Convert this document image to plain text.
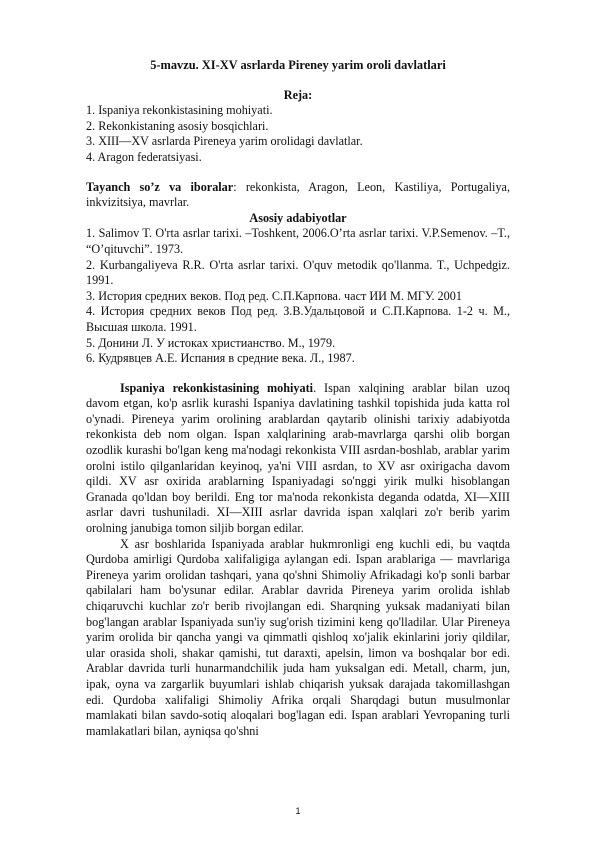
5-mavzu. XI-XV asrlarda Pireney yarim oroli davlatlari

Reja:

1. Ispaniya rekonkistasining mohiyati.
2. Rekonkistaning asosiy bosqichlari.
3. XIII—XV asrlarda Pireneya yarim orolidagi davlatlar.
4. Aragon federatsiyasi.

Tayanch so’z va iboralar: rekonkista, Aragon, Leon, Kastiliya, Portugaliya, inkvizitsiya, mavrlar.

Asosiy adabiyotlar

1. Salimov T. O'rta asrlar tarixi. –Toshkent, 2006.O’rta asrlar tarixi. V.P.Semenov. –T., “O’qituvchi”. 1973.
2. Kurbangaliyeva R.R. O'rta asrlar tarixi. O'quv metodik qo'llanma. T., Uchpedgiz. 1991.
3. История средних веков. Под ред. С.П.Карпова. част ИИ М. МГУ. 2001
4. История средних веков Под ред. З.В.Удальцовой и С.П.Карпова. 1-2 ч. М., Высшая школа. 1991.
5. Донини Л. У истоках христианство. М., 1979.
6. Кудрявцев А.Е. Испания в средние века. Л., 1987.

Ispaniya rekonkistasining mohiyati. Ispan xalqining arablar bilan uzoq davom etgan, ko'p asrlik kurashi Ispaniya davlatining tashkil topishida juda katta rol o'ynadi. Pireneya yarim orolining arablardan qaytarib olinishi tarixiy adabiyotda rekonkista deb nom olgan. Ispan xalqlarining arab-mavrlarga qarshi olib borgan ozodlik kurashi bo'lgan keng ma'nodagi rekonkista VIII asrdan-boshlab, arablar yarim orolni istilo qilganlaridan keyinoq, ya'ni VIII asrdan, to XV asr oxirigacha davom qildi. XV asr oxirida arablarning Ispaniyadagi so'nggi yirik mulki hisoblangan Granada qo'ldan boy berildi. Eng tor ma'noda rekonkista deganda odatda, XI—XIII asrlar davri tushuniladi. XI—XIII asrlar davrida ispan xalqlari zo'r berib yarim orolning janubiga tomon siljib borgan edilar.

X asr boshlarida Ispaniyada arablar hukmronligi eng kuchli edi, bu vaqtda Qurdoba amirligi Qurdoba xalifaligiga aylangan edi. Ispan arablariga — mavrlariga Pireneya yarim orolidan tashqari, yana qo'shni Shimoliy Afrikadagi ko'p sonli barbar qabilalari ham bo'ysunar edilar. Arablar davrida Pireneya yarim orolida ishlab chiqaruvchi kuchlar zo'r berib rivojlangan edi. Sharqning yuksak madaniyati bilan bog'langan arablar Ispaniyada sun'iy sug'orish tizimini keng qo'lladilar. Ular Pireneya yarim orolida bir qancha yangi va qimmatli qishloq xo'jalik ekinlarini joriy qildilar, ular orasida sholi, shakar qamishi, tut daraxti, apelsin, limon va boshqalar bor edi. Arablar davrida turli hunarmandchilik juda ham yuksalgan edi. Metall, charm, jun, ipak, oyna va zargarlik buyumlari ishlab chiqarish yuksak darajada takomillashgan edi. Qurdoba xalifaligi Shimoliy Afrika orqali Sharqdagi butun musulmonlar mamlakati bilan savdo-sotiq aloqalari bog'lagan edi. Ispan arablari Yevropaning turli mamlakatlari bilan, ayniqsa qo'shni

1
